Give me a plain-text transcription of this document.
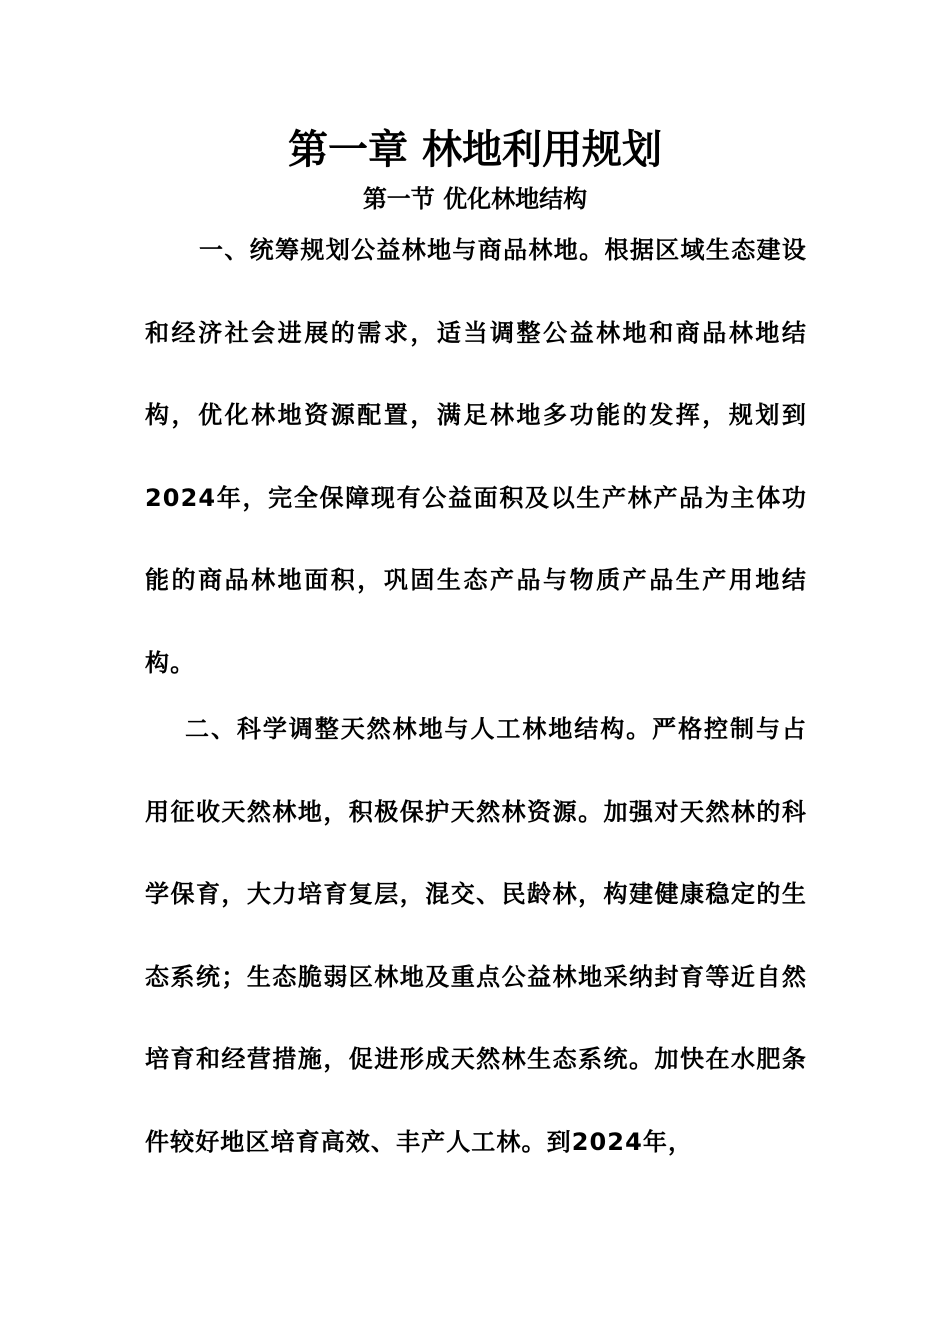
第一章 林地利用规划
第一节 优化林地结构

一、统筹规划公益林地与商品林地。根据区域生态建设和经济社会进展的需求，适当调整公益林地和商品林地结构，优化林地资源配置，满足林地多功能的发挥，规划到2024年，完全保障现有公益面积及以生产林产品为主体功能的商品林地面积，巩固生态产品与物质产品生产用地结构。

二、科学调整天然林地与人工林地结构。严格控制与占用征收天然林地，积极保护天然林资源。加强对天然林的科学保育，大力培育复层，混交、民龄林，构建健康稳定的生态系统；生态脆弱区林地及重点公益林地采纳封育等近自然培育和经营措施，促进形成天然林生态系统。加快在水肥条件较好地区培育高效、丰产人工林。到2024年，
